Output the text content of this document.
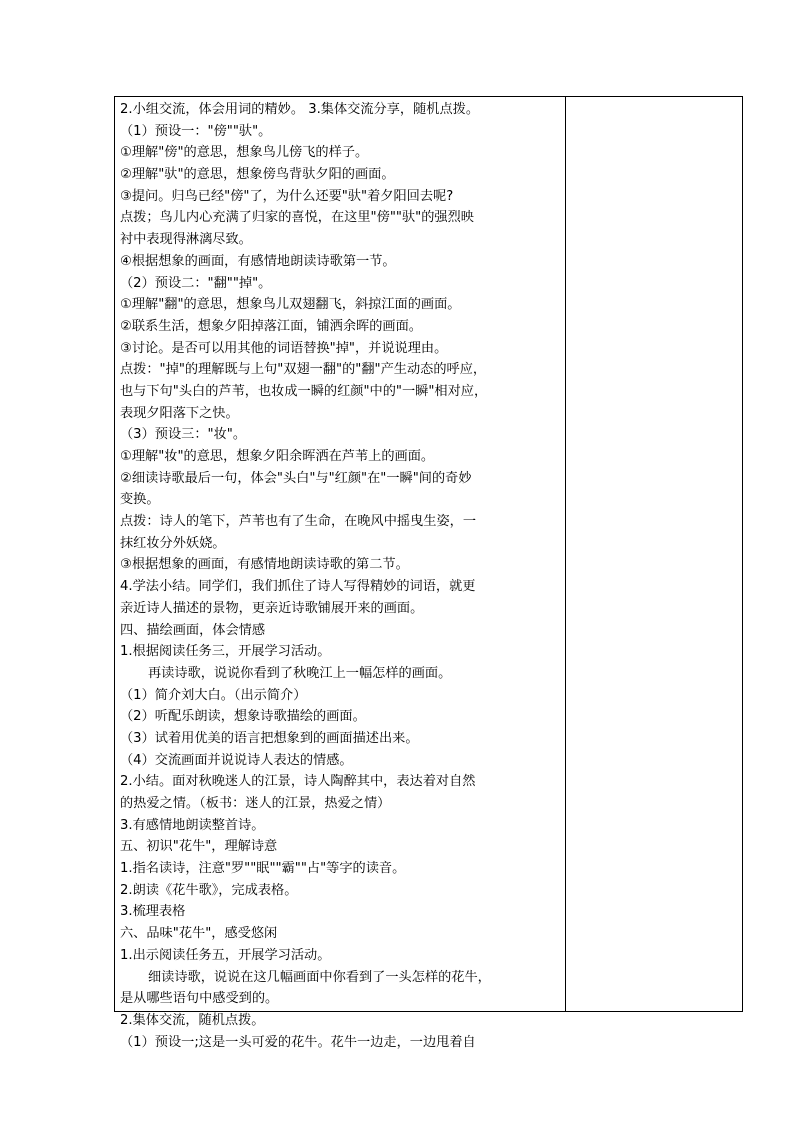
2.小组交流，体会用词的精妙。 3.集体交流分享，随机点拨。
（1）预设一："傍""驮"。
①理解"傍"的意思，想象鸟儿傍飞的样子。
②理解"驮"的意思，想象傍鸟背驮夕阳的画面。
③提问。归鸟已经"傍"了，为什么还要"驮"着夕阳回去呢?
点拨；鸟儿内心充满了归家的喜悦，在这里"傍""驮"的强烈映
衬中表现得淋漓尽致。
④根据想象的画面，有感情地朗读诗歌第一节。
（2）预设二："翻""掉"。
①理解"翻"的意思，想象鸟儿双翅翻飞，斜掠江面的画面。
②联系生活，想象夕阳掉落江面，铺洒余晖的画面。
③讨论。是否可以用其他的词语替换"掉"，并说说理由。
点拨："掉"的理解既与上句"双翅一翻"的"翻"产生动态的呼应，
也与下句"头白的芦苇，也妆成一瞬的红颜"中的"一瞬"相对应，
表现夕阳落下之快。
（3）预设三："妆"。
①理解"妆"的意思，想象夕阳余晖洒在芦苇上的画面。
②细读诗歌最后一句，体会"头白"与"红颜"在"一瞬"间的奇妙
变换。
点拨：诗人的笔下，芦苇也有了生命，在晚风中摇曳生姿，一
抹红妆分外妖娆。
③根据想象的画面，有感情地朗读诗歌的第二节。
4.学法小结。同学们，我们抓住了诗人写得精妙的词语，就更
亲近诗人描述的景物，更亲近诗歌铺展开来的画面。
四、描绘画面，体会情感
1.根据阅读任务三，开展学习活动。
再读诗歌，说说你看到了秋晚江上一幅怎样的画面。
（1）简介刘大白。（出示简介）
（2）听配乐朗读，想象诗歌描绘的画面。
（3）试着用优美的语言把想象到的画面描述出来。
（4）交流画面并说说诗人表达的情感。
2.小结。面对秋晚迷人的江景，诗人陶醉其中，表达着对自然
的热爱之情。（板书：迷人的江景，热爱之情）
3.有感情地朗读整首诗。
五、初识"花牛"，理解诗意
1.指名读诗，注意"罗""眠""霸""占"等字的读音。
2.朗读《花牛歌》，完成表格。
3.梳理表格
六、品味"花牛"，感受悠闲
1.出示阅读任务五，开展学习活动。
细读诗歌，说说在这几幅画面中你看到了一头怎样的花牛，
是从哪些语句中感受到的。
2.集体交流，随机点拨。
（1）预设一;这是一头可爱的花牛。花牛一边走，一边甩着自
